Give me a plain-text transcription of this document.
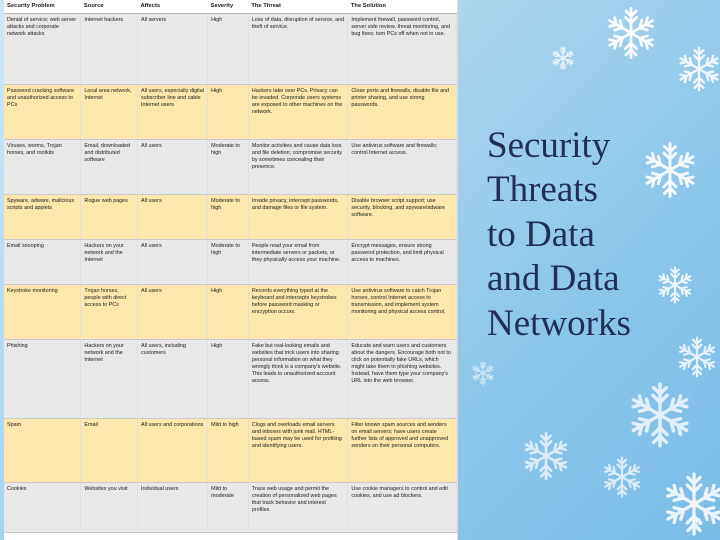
Security Problem	Source	Affects	Severity	The Threat	The Solution
Denial of service; web server attacks and corporate network attacks	Internet hackers	All servers	High	Loss of data, disruption of service, and theft of service.	Implement firewall, password control, server side review, threat monitoring, and bug fixes; turn PCs off when not in use.
Password cracking software and unauthorized access to PCs	Local area network, Internet	All users, especially digital subscriber line and cable Internet users	High	Hackers take over PCs. Privacy can be invaded. Corporate users systems are exposed to other machines on the network.	Close ports and firewalls, disable file and printer sharing, and use strong passwords.
Viruses, worms, Trojan horses, and rootkits	Email, downloaded and distributed software	All users	Moderate to high	Monitor activities and cause data loss and file deletion; compromise security by sometimes concealing their presence.	Use antivirus software and firewalls; control Internet access.
Spyware, adware, malicious scripts and applets	Rogue web pages	All users	Moderate to high	Invade privacy, intercept passwords, and damage files or file system.	Disable browser script support; use security, blocking, and spyware/adware software.
Email snooping	Hackers on your network and the Internet	All users	Moderate to high	People read your email from intermediate servers or packets, or they physically access your machine.	Encrypt messages, ensure strong password protection, and limit physical access to machines.
Keystroke monitoring	Trojan horses, people with direct access to PCs	All users	High	Records everything typed at the keyboard and intercepts keystrokes before password masking or encryption occurs.	Use antivirus software to catch Trojan horses, control Internet access to transmission, and implement system monitoring and physical access control.
Phishing	Hackers on your network and the Internet	All users, including customers	High	Fake but real-looking emails and websites that trick users into sharing personal information on what they wrongly think is a company's website. This leads to unauthorized account access.	Educate and warn users and customers about the dangers. Encourage both not to click on potentially fake URLs, which might take them to phishing websites. Instead, have them type your company's URL into the web browser.
Spam	Email	All users and corporations	Mild to high	Clogs and overloads email servers and inboxes with junk mail. HTML-based spam may be used for profiling and identifying users.	Filter known spam sources and senders on email servers; have users create further lists of approved and unapproved senders on their personal computers.
Cookies	Websites you visit	Individual users	Mild to moderate	Trace web usage and permit the creation of personalized web pages that track behavior and interest profiles.	Use cookie managers to control and edit cookies, and use ad blockers.
Security
Threats
to Data
and Data
Networks
10
